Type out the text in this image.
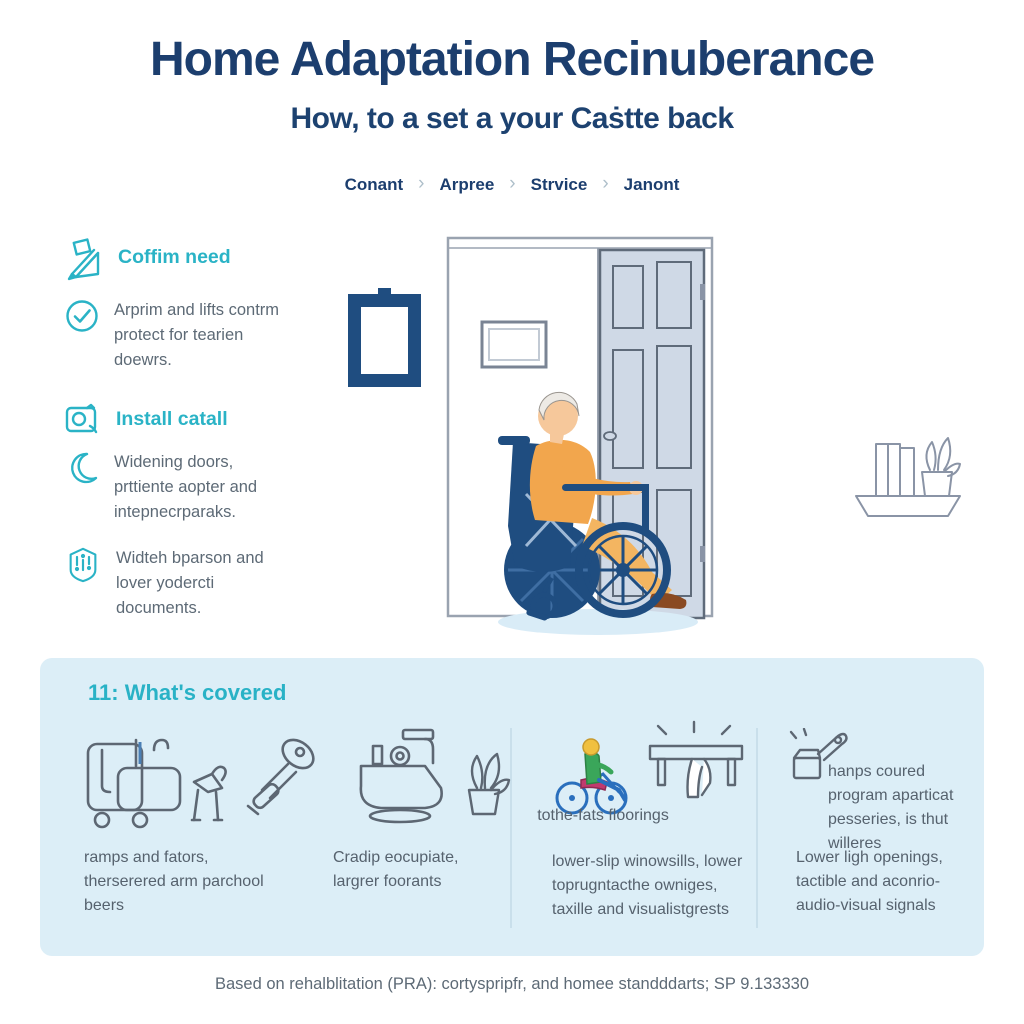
Home Adaptation Recinuberance
How, to a set a your Caṡtte back
Conant › Arpree › Strvice › Janont
Coffim need
Arprim and lifts contrm protect for tearien doewrs.
Install catall
Widening doors, prttiente aopter and intepnecrparaks.
Widteh bparson and lover yodercti documents.
11: What's covered
ramps and fators, therserered arm parchool beers
Cradip eocupiate, largrer foorants
tothe-fats floorings
lower-slip winowsills, lower toprugntacthe owniges, taxille and visualistgrests
hanps coured program aparticat pesseries, is thut willeres
Lower ligh openings, tactible and aconrio- audio-visual signals
Based on rehalblitation (PRA): cortyspripfr, and homee standddarts; SP 9.133330
